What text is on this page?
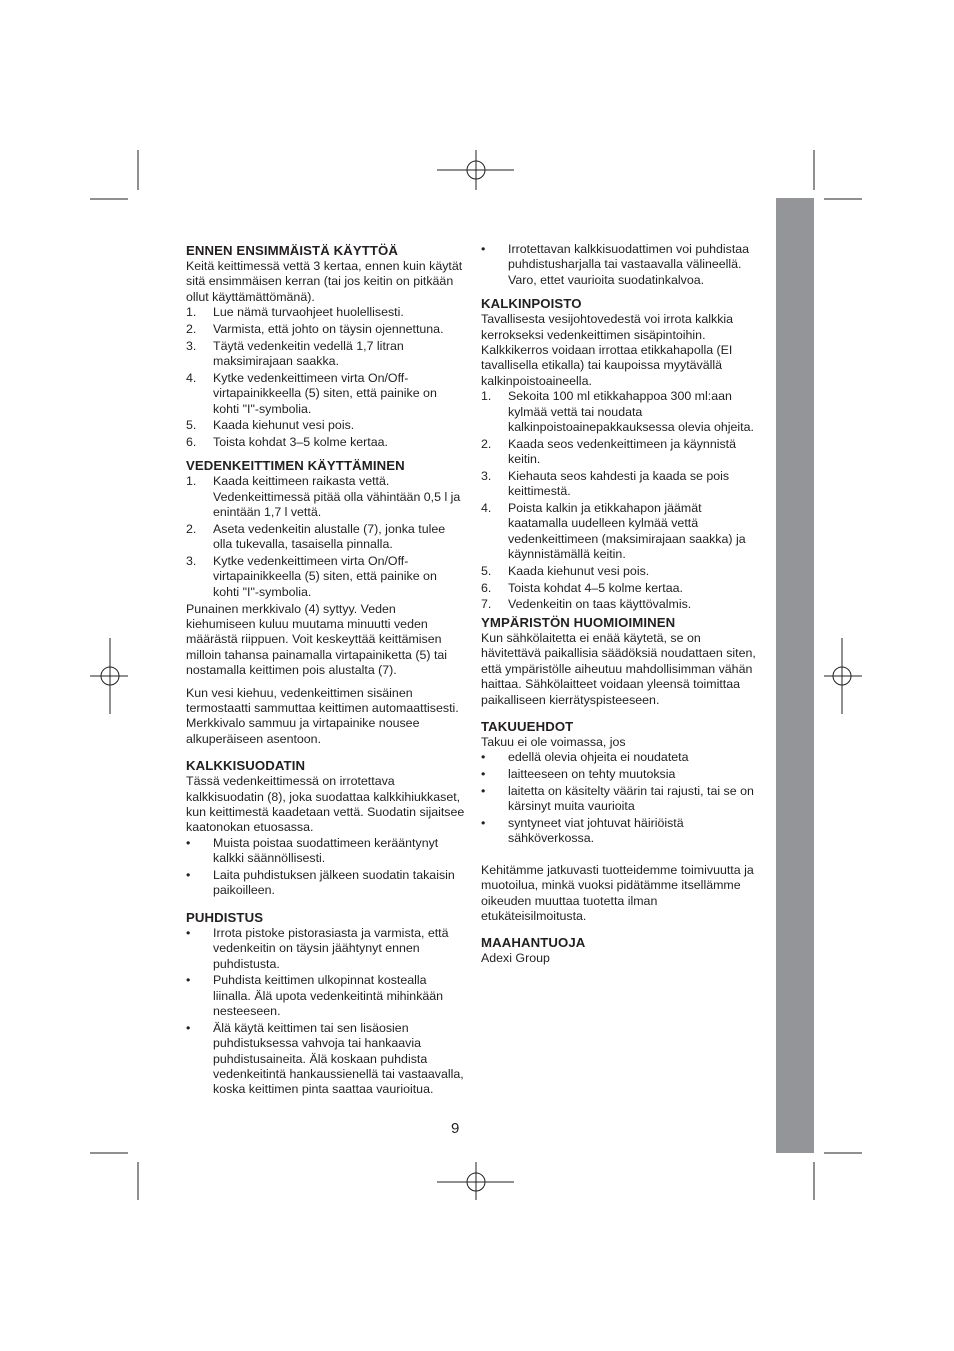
ENNEN ENSIMMÄISTÄ KÄYTTÖÄ

Keitä keittimessä vettä 3 kertaa, ennen kuin käytät sitä ensimmäisen kerran (tai jos keitin on pitkään ollut käyttämättömänä).

1. Lue nämä turvaohjeet huolellisesti.
2. Varmista, että johto on täysin ojennettuna.
3. Täytä vedenkeitin vedellä 1,7 litran maksimirajaan saakka.
4. Kytke vedenkeittimeen virta On/Off-virtapainikkeella (5) siten, että painike on kohti "I"-symbolia.
5. Kaada kiehunut vesi pois.
6. Toista kohdat 3–5 kolme kertaa.
VEDENKEITTIMEN KÄYTTÄMINEN
1. Kaada keittimeen raikasta vettä. Vedenkeittimessä pitää olla vähintään 0,5 l ja enintään 1,7 l vettä.
2. Aseta vedenkeitin alustalle (7), jonka tulee olla tukevalla, tasaisella pinnalla.
3. Kytke vedenkeittimeen virta On/Off-virtapainikkeella (5) siten, että painike on kohti "I"-symbolia.

Punainen merkkivalo (4) syttyy. Veden kiehumiseen kuluu muutama minuutti veden määrästä riippuen. Voit keskeyttää keittämisen milloin tahansa painamalla virtapainiketta (5) tai nostamalla keittimen pois alustalta (7).

Kun vesi kiehuu, vedenkeittimen sisäinen termostaatti sammuttaa keittimen automaattisesti. Merkkivalo sammuu ja virtapainike nousee alkuperäiseen asentoon.

KALKKISUODATIN

Tässä vedenkeittimessä on irrotettava kalkkisuodatin (8), joka suodattaa kalkkihiukkaset, kun keittimestä kaadetaan vettä. Suodatin sijaitsee kaatonokan etuosassa.

• Muista poistaa suodattimeen kerääntynyt kalkki säännöllisesti.
• Laita puhdistuksen jälkeen suodatin takaisin paikoilleen.
PUHDISTUS
• Irrota pistoke pistorasiasta ja varmista, että vedenkeitin on täysin jäähtynyt ennen puhdistusta.
• Puhdista keittimen ulkopinnat kostealla liinalla. Älä upota vedenkeitintä mihinkään nesteeseen.
• Älä käytä keittimen tai sen lisäosien puhdistuksessa vahvoja tai hankaavia puhdistusaineita. Älä koskaan puhdista vedenkeitintä hankaussienellä tai vastaavalla, koska keittimen pinta saattaa vaurioitua.
• Irrotettavan kalkkisuodattimen voi puhdistaa puhdistusharjalla tai vastaavalla välineellä. Varo, ettet vaurioita suodatinkalvoa.
KALKINPOISTO

Tavallisesta vesijohtovedestä voi irrota kalkkia kerrokseksi vedenkeittimen sisäpintoihin. Kalkkikerros voidaan irrottaa etikkahapolla (EI tavallisella etikalla) tai kaupoissa myytävällä kalkinpoistoaineella.

1. Sekoita 100 ml etikkahappoa 300 ml:aan kylmää vettä tai noudata kalkinpoistoainepakkauksessa olevia ohjeita.
2. Kaada seos vedenkeittimeen ja käynnistä keitin.
3. Kiehauta seos kahdesti ja kaada se pois keittimestä.
4. Poista kalkin ja etikkahapon jäämät kaatamalla uudelleen kylmää vettä vedenkeittimeen (maksimirajaan saakka) ja käynnistämällä keitin.
5. Kaada kiehunut vesi pois.
6. Toista kohdat 4–5 kolme kertaa.
7. Vedenkeitin on taas käyttövalmis.
YMPÄRISTÖN HUOMIOIMINEN

Kun sähkölaitetta ei enää käytetä, se on hävitettävä paikallisia säädöksiä noudattaen siten, että ympäristölle aiheutuu mahdollisimman vähän haittaa. Sähkölaitteet voidaan yleensä toimittaa paikalliseen kierrätyspisteeseen.

TAKUUEHDOT

Takuu ei ole voimassa, jos

• edellä olevia ohjeita ei noudateta
• laitteeseen on tehty muutoksia
• laitetta on käsitelty väärin tai rajusti, tai se on kärsinyt muita vaurioita
• syntyneet viat johtuvat häiriöistä sähköverkossa.

Kehitämme jatkuvasti tuotteidemme toimivuutta ja muotoilua, minkä vuoksi pidätämme itsellämme oikeuden muuttaa tuotetta ilman etukäteisilmoitusta.

MAAHANTUOJA

Adexi Group

9
